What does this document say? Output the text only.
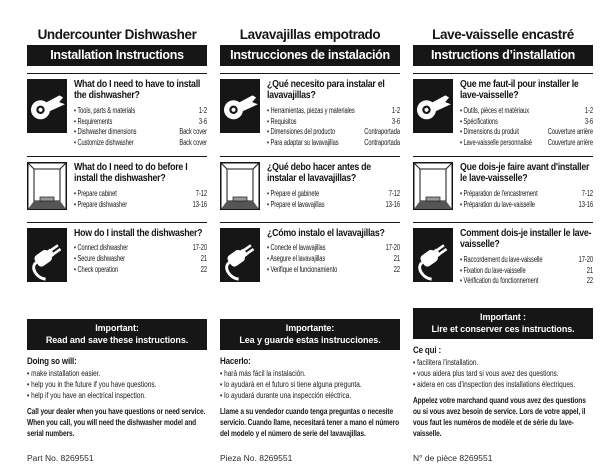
Undercounter Dishwasher
Installation Instructions
What do I need to have to install the dishwasher?
• Tools, parts & materials	1-2
• Requirements	3-6
• Dishwasher dimensions	Back cover
• Customize dishwasher	Back cover
What do I need to do before I install the dishwasher?
• Prepare cabinet	7-12
• Prepare dishwasher	13-16
How do I install the dishwasher?
• Connect dishwasher	17-20
• Secure dishwasher	21
• Check operation	22
Important:
Read and save these instructions.
Doing so will:
• make installation easier.
• help you in the future if you have questions.
• help if you have an electrical inspection.
Call your dealer when you have questions or need service. When you call, you will need the dishwasher model and serial numbers.
Part No. 8269551
Lavavajillas empotrado
Instrucciones de instalación
¿Qué necesito para instalar el lavavajillas?
• Herramientas, piezas y materiales	1-2
• Requisitos	3-6
• Dimensiones del producto	Contraportada
• Para adaptar su lavavajillas	Contraportada
¿Qué debo hacer antes de instalar el lavavajillas?
• Prepare el gabinete	7-12
• Prepare el lavavajillas	13-16
¿Cómo instalo el lavavajillas?
• Conecte el lavavajillas	17-20
• Asegure el lavavajillas	21
• Verifique el funcionamiento	22
Importante:
Lea y guarde estas instrucciones.
Hacerlo:
• hará más fácil la instalación.
• lo ayudará en el futuro si tiene alguna pregunta.
• lo ayudará durante una inspección eléctrica.
Llame a su vendedor cuando tenga preguntas o necesite servicio. Cuando llame, necesitará tener a mano el número del modelo y el número de serie del lavavajillas.
Pieza No. 8269551
Lave-vaisselle encastré
Instructions d’installation
Que me faut-il pour installer le lave-vaisselle?
• Outils, pièces et matériaux	1-2
• Spécifications	3-6
• Dimensions du produit	Couverture arrière
• Lave-vaisselle personnalisé Couverture arrière
Que dois-je faire avant d'installer le lave-vaisselle?
• Préparation de l'encastrement	7-12
• Préparation du lave-vaisselle	13-16
Comment dois-je installer le lave-vaisselle?
• Raccordement du lave-vaisselle	17-20
• Fixation du lave-vaisselle	21
• Vérification du fonctionnement	22
Important :
Lire et conserver ces instructions.
Ce qui :
• facilitera l'installation.
• vous aidera plus tard si vous avez des questions.
• aidera en cas d'inspection des installations électriques.
Appelez votre marchand quand vous avez des questions ou si vous avez besoin de service. Lors de votre appel, il vous faut les numéros de modèle et de série du lave-vaisselle.
N° de pièce 8269551
